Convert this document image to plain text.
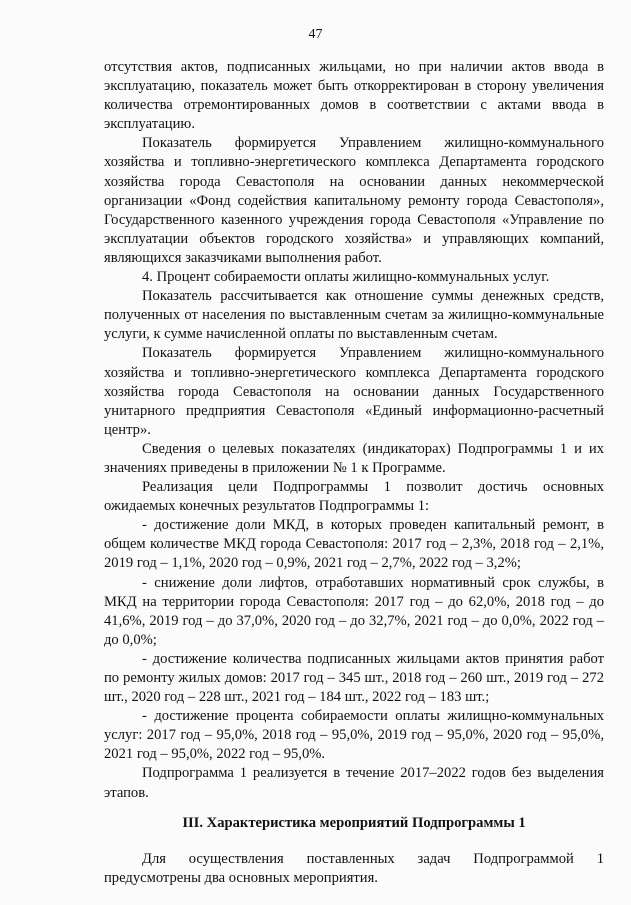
47

отсутствия актов, подписанных жильцами, но при наличии актов ввода в эксплуатацию, показатель может быть откорректирован в сторону увеличения количества отремонтированных домов в соответствии с актами ввода в эксплуатацию.

Показатель формируется Управлением жилищно-коммунального хозяйства и топливно-энергетического комплекса Департамента городского хозяйства города Севастополя на основании данных некоммерческой организации «Фонд содействия капитальному ремонту города Севастополя», Государственного казенного учреждения города Севастополя «Управление по эксплуатации объектов городского хозяйства» и управляющих компаний, являющихся заказчиками выполнения работ.

4. Процент собираемости оплаты жилищно-коммунальных услуг.

Показатель рассчитывается как отношение суммы денежных средств, полученных от населения по выставленным счетам за жилищно-коммунальные услуги, к сумме начисленной оплаты по выставленным счетам.

Показатель формируется Управлением жилищно-коммунального хозяйства и топливно-энергетического комплекса Департамента городского хозяйства города Севастополя на основании данных Государственного унитарного предприятия Севастополя «Единый информационно-расчетный центр».

Сведения о целевых показателях (индикаторах) Подпрограммы 1 и их значениях приведены в приложении № 1 к Программе.

Реализация цели Подпрограммы 1 позволит достичь основных ожидаемых конечных результатов Подпрограммы 1:

- достижение доли МКД, в которых проведен капитальный ремонт, в общем количестве МКД города Севастополя: 2017 год – 2,3%, 2018 год – 2,1%, 2019 год – 1,1%, 2020 год – 0,9%, 2021 год – 2,7%, 2022 год – 3,2%;

- снижение доли лифтов, отработавших нормативный срок службы, в МКД на территории города Севастополя: 2017 год – до 62,0%, 2018 год – до 41,6%, 2019 год – до 37,0%, 2020 год – до 32,7%, 2021 год – до 0,0%, 2022 год – до 0,0%;

- достижение количества подписанных жильцами актов принятия работ по ремонту жилых домов: 2017 год – 345 шт., 2018 год – 260 шт., 2019 год – 272 шт., 2020 год – 228 шт., 2021 год – 184 шт., 2022 год – 183 шт.;

- достижение процента собираемости оплаты жилищно-коммунальных услуг: 2017 год – 95,0%, 2018 год – 95,0%, 2019 год – 95,0%, 2020 год – 95,0%, 2021 год – 95,0%, 2022 год – 95,0%.

Подпрограмма 1 реализуется в течение 2017–2022 годов без выделения этапов.

III. Характеристика мероприятий Подпрограммы 1

Для осуществления поставленных задач Подпрограммой 1 предусмотрены два основных мероприятия.
